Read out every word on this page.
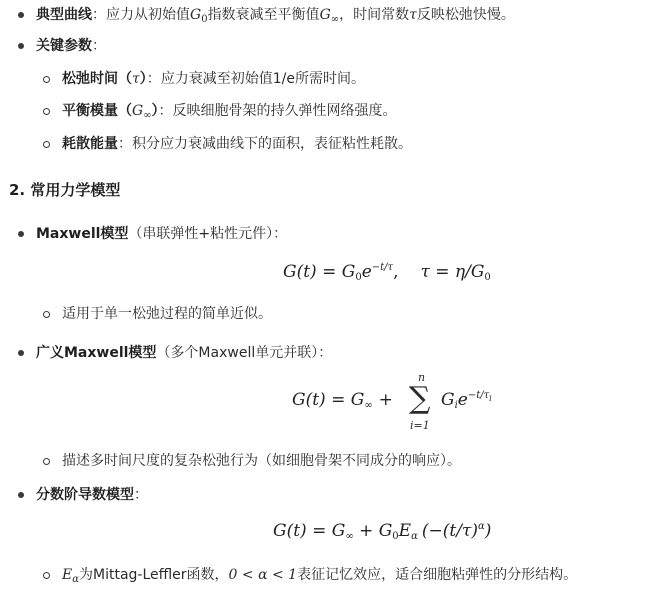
典型曲线：应力从初始值$G_0$指数衰减至平衡值$G_\infty$，时间常数τ反映松弛快慢。
关键参数：
松弛时间（τ）：应力衰减至初始值1/e所需时间。
平衡模量$(G_\infty)$：反映细胞骨架的持久弹性网络强度。
耗散能量：积分应力衰减曲线下的面积，表征粘性耗散。
2. 常用力学模型
Maxwell模型（串联弹性+粘性元件）：
$G(t) = G_0e^{-t/\tau}$, $\tau = \eta/G_0$
适用于单一松弛过程的简单近似。
广义Maxwell模型（多个Maxwell单元并联）：
$G(t) = G_\infty$ +
n
∑
i=1
$G_ie^{-t/\tau i}$
描述多时间尺度的复杂松弛行为（如细胞骨架不同成分的响应）。
分数阶导数模型：
$G(t) = G_\infty + G_0E_\alpha$ $(-(t/\tau)^\alpha)$
$E_\alpha$为Mittag-Leffler函数，0 < α < 1表征记忆效应，适合细胞粘弹性的分形结构。
